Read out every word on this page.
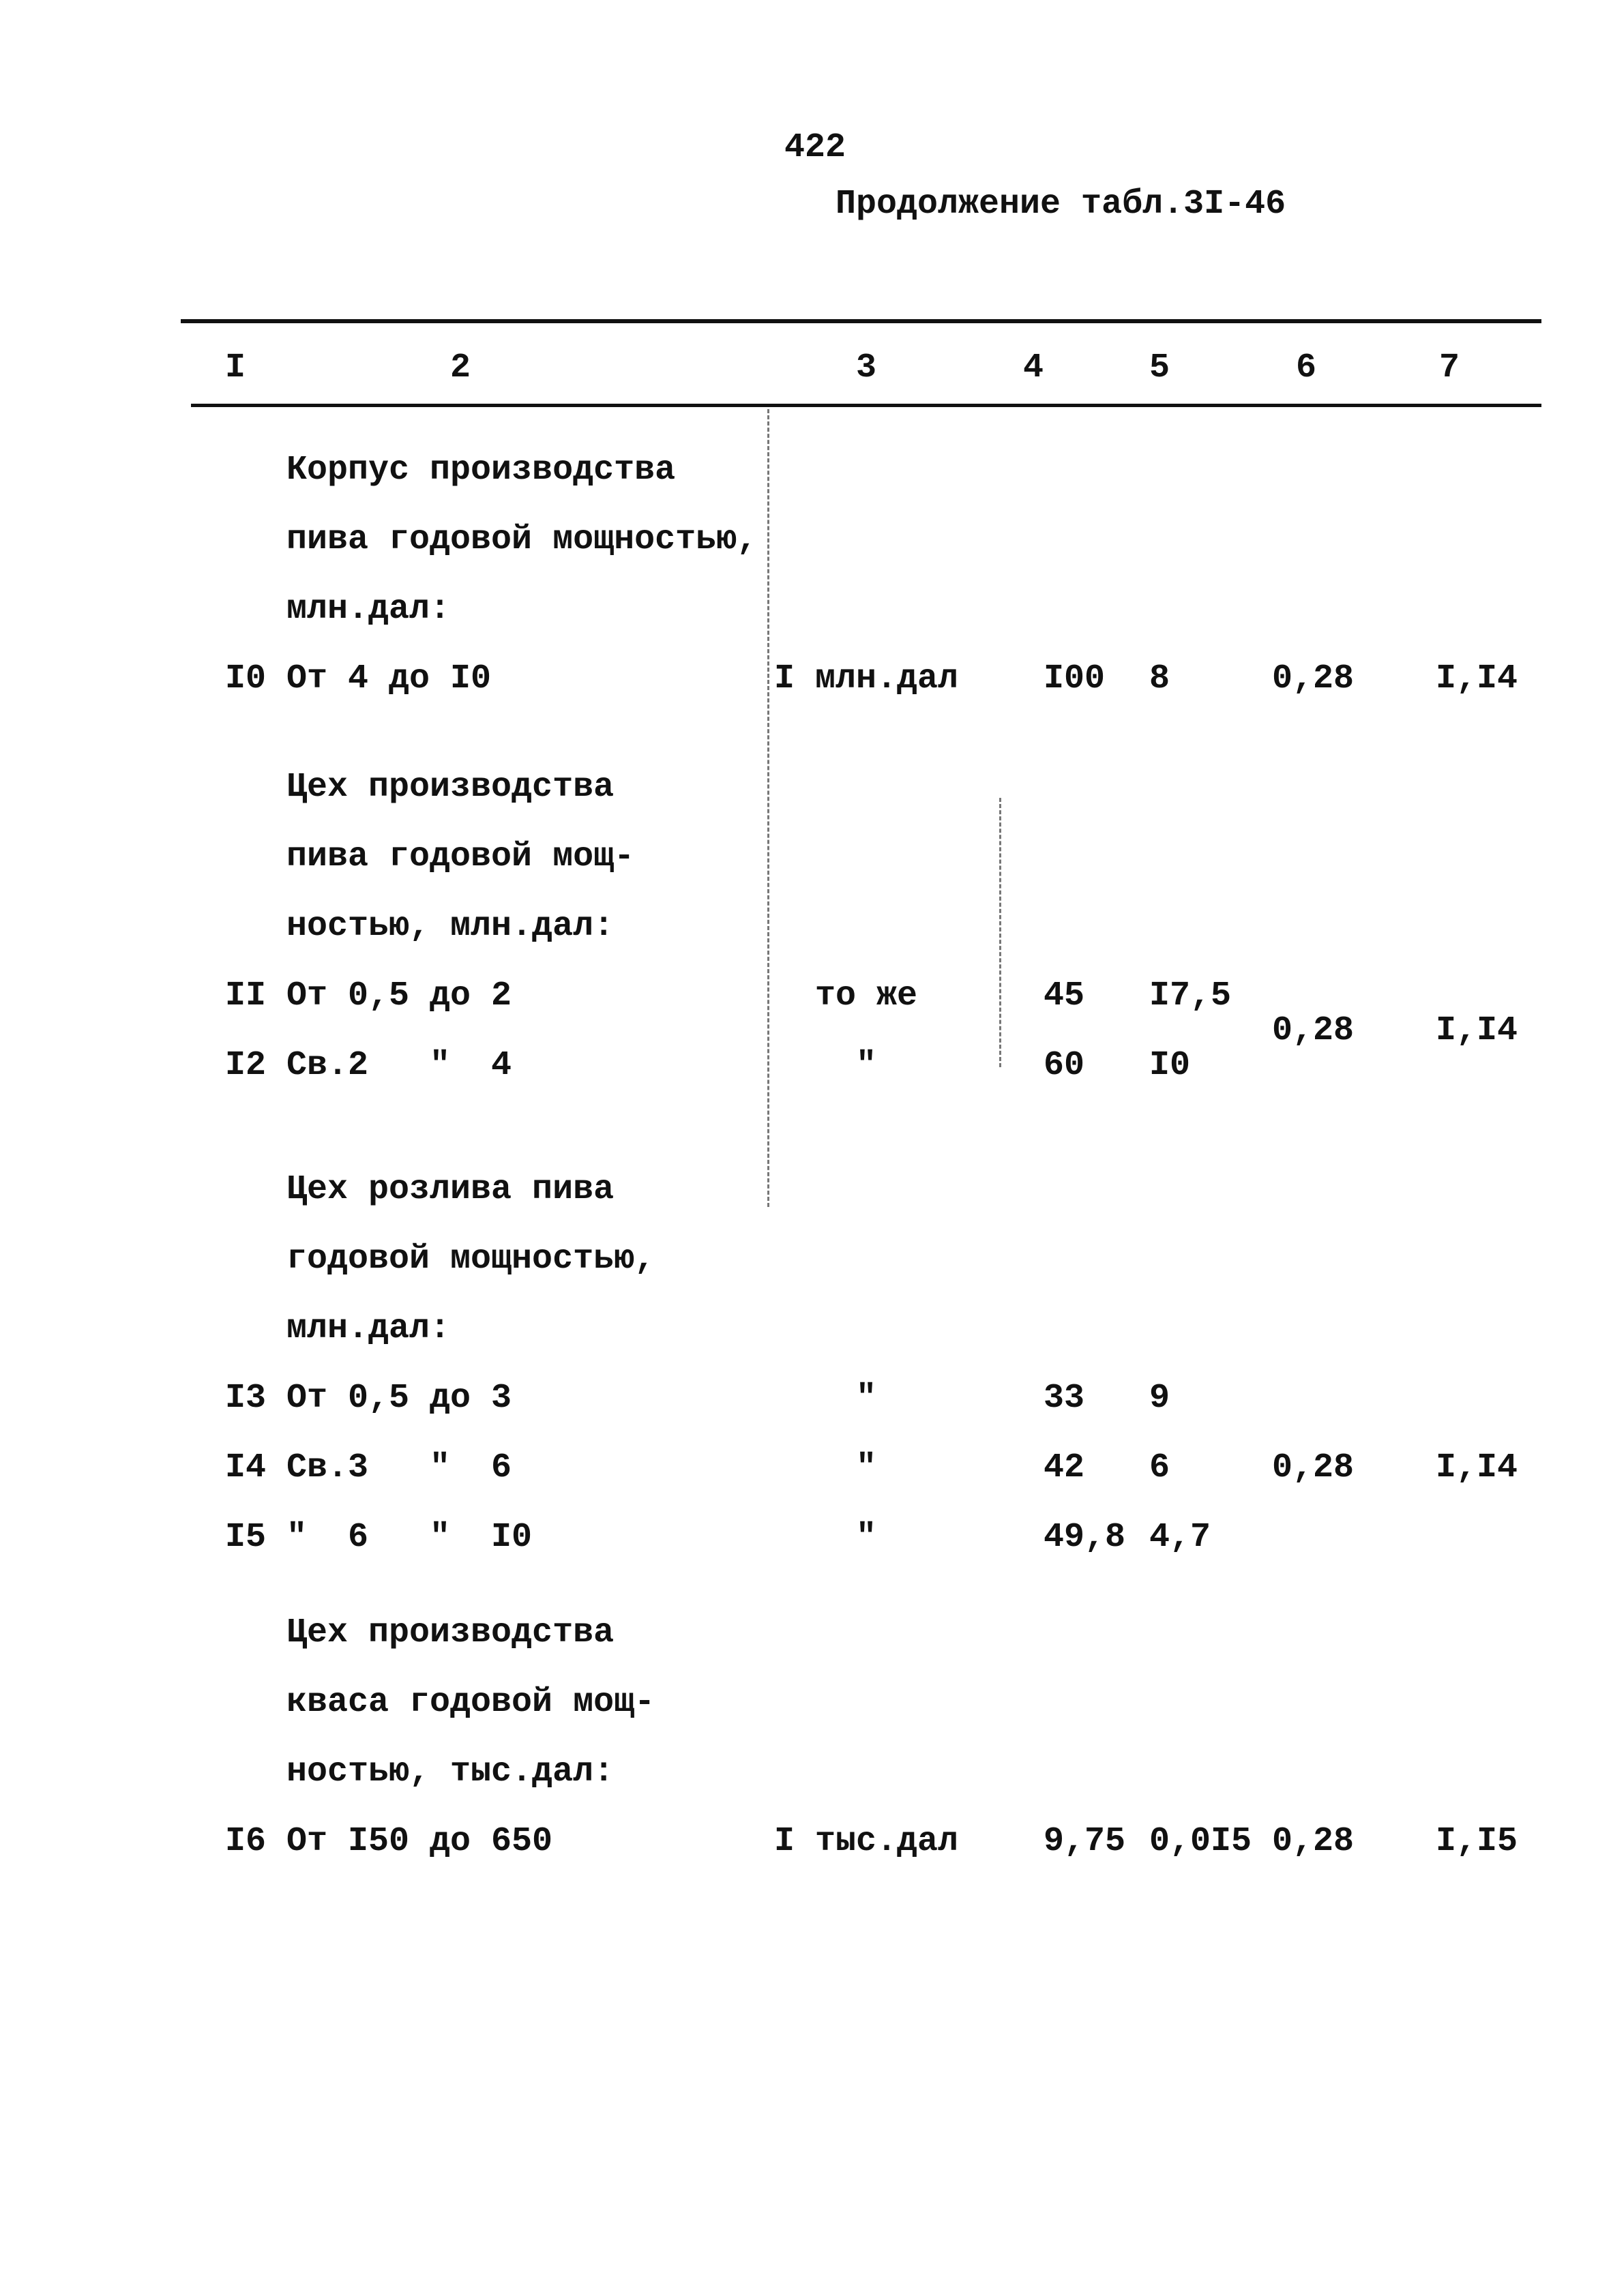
422
Продолжение табл.3I-46
I	2	3	4	5	6	7
Корпус производства
пива годовой мощностью,
млн.дал:
I0 От 4 до I0	I млн.дал	I00 8	0,28 I,I4
Цех производства
пива годовой мощ-
ностью, млн.дал:
II От 0,5 до 2	то же	45 I7,5
I2 Св.2   "  4	"	60 I0
0,28 I,I4
Цех розлива пива
годовой мощностью,
млн.дал:
I3 От 0,5 до 3	"	33 9
I4 Св.3   "  6	"	42 6
I5 "  6   "  I0	"	49,8 4,7
0,28 I,I4
Цех производства
кваса годовой мощ-
ностью, тыс.дал:
I6 От I50 до 650	I тыс.дал	9,75 0,0I5 0,28 I,I5
